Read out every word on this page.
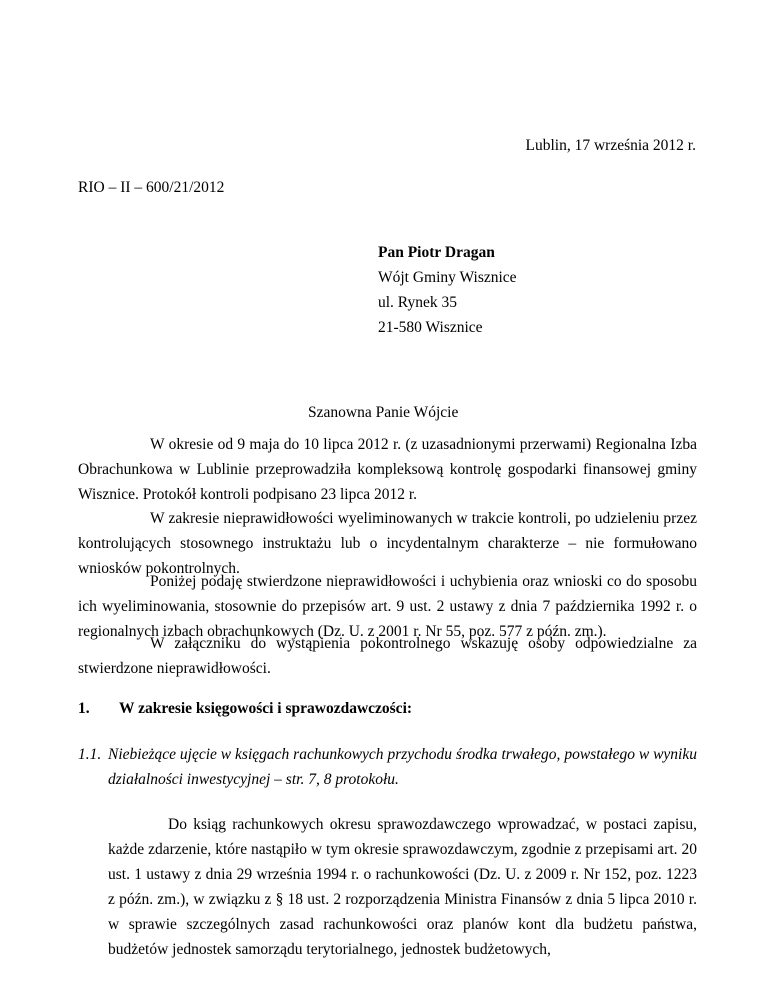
Lublin, 17 września 2012 r.
RIO – II – 600/21/2012
Pan Piotr Dragan
Wójt Gminy Wisznice
ul. Rynek 35
21-580 Wisznice
Szanowna Panie Wójcie
W okresie od 9 maja do 10 lipca 2012 r. (z uzasadnionymi przerwami) Regionalna Izba Obrachunkowa w Lublinie przeprowadziła kompleksową kontrolę gospodarki finansowej gminy Wisznice. Protokół kontroli podpisano 23 lipca 2012 r.
W zakresie nieprawidłowości wyeliminowanych w trakcie kontroli, po udzieleniu przez kontrolujących stosownego instruktażu lub o incydentalnym charakterze – nie formułowano wniosków pokontrolnych.
Poniżej podaję stwierdzone nieprawidłowości i uchybienia oraz wnioski co do sposobu ich wyeliminowania, stosownie do przepisów art. 9 ust. 2 ustawy z dnia 7 października 1992 r. o regionalnych izbach obrachunkowych (Dz. U. z 2001 r. Nr 55, poz. 577 z późn. zm.).
W załączniku do wystąpienia pokontrolnego wskazuję osoby odpowiedzialne za stwierdzone nieprawidłowości.
1. W zakresie księgowości i sprawozdawczości:
1.1. Niebieżące ujęcie w księgach rachunkowych przychodu środka trwałego, powstałego w wyniku działalności inwestycyjnej – str. 7, 8 protokołu.
Do ksiąg rachunkowych okresu sprawozdawczego wprowadzać, w postaci zapisu, każde zdarzenie, które nastąpiło w tym okresie sprawozdawczym, zgodnie z przepisami art. 20 ust. 1 ustawy z dnia 29 września 1994 r. o rachunkowości (Dz. U. z 2009 r. Nr 152, poz. 1223 z późn. zm.), w związku z § 18 ust. 2 rozporządzenia Ministra Finansów z dnia 5 lipca 2010 r. w sprawie szczególnych zasad rachunkowości oraz planów kont dla budżetu państwa, budżetów jednostek samorządu terytorialnego, jednostek budżetowych,
